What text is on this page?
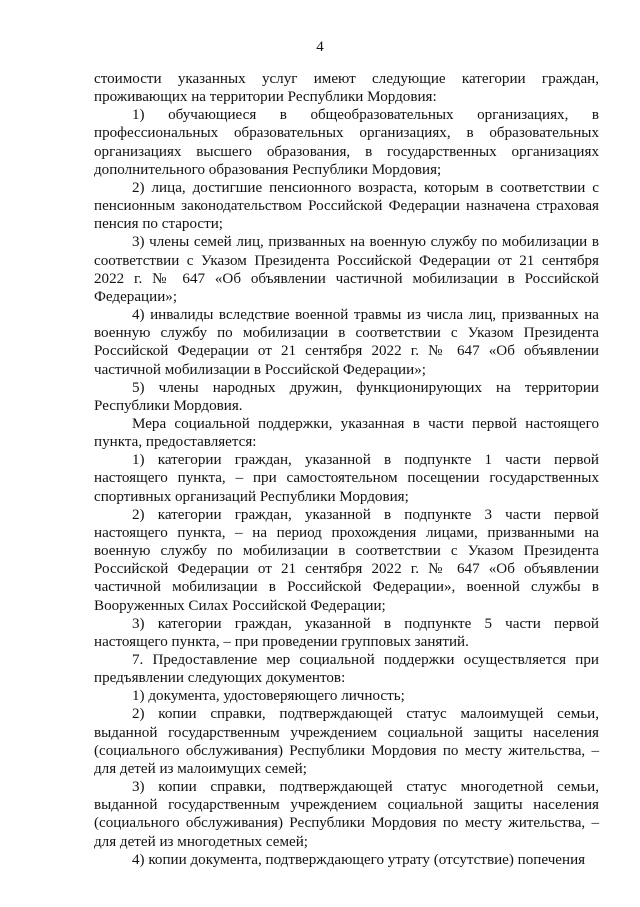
4

стоимости указанных услуг имеют следующие категории граждан, проживающих на территории Республики Мордовия:

1) обучающиеся в общеобразовательных организациях, в профессиональных образовательных организациях, в образовательных организациях высшего образования, в государственных организациях дополнительного образования Республики Мордовия;

2) лица, достигшие пенсионного возраста, которым в соответствии с пенсионным законодательством Российской Федерации назначена страховая пенсия по старости;

3) члены семей лиц, призванных на военную службу по мобилизации в соответствии с Указом Президента Российской Федерации от 21 сентября 2022 г. № 647 «Об объявлении частичной мобилизации в Российской Федерации»;

4) инвалиды вследствие военной травмы из числа лиц, призванных на военную службу по мобилизации в соответствии с Указом Президента Российской Федерации от 21 сентября 2022 г. № 647 «Об объявлении частичной мобилизации в Российской Федерации»;

5) члены народных дружин, функционирующих на территории Республики Мордовия.

Мера социальной поддержки, указанная в части первой настоящего пункта, предоставляется:

1) категории граждан, указанной в подпункте 1 части первой настоящего пункта, – при самостоятельном посещении государственных спортивных организаций Республики Мордовия;

2) категории граждан, указанной в подпункте 3 части первой настоящего пункта, – на период прохождения лицами, призванными на военную службу по мобилизации в соответствии с Указом Президента Российской Федерации от 21 сентября 2022 г. № 647 «Об объявлении частичной мобилизации в Российской Федерации», военной службы в Вооруженных Силах Российской Федерации;

3) категории граждан, указанной в подпункте 5 части первой настоящего пункта, – при проведении групповых занятий.

7. Предоставление мер социальной поддержки осуществляется при предъявлении следующих документов:

1) документа, удостоверяющего личность;

2) копии справки, подтверждающей статус малоимущей семьи, выданной государственным учреждением социальной защиты населения (социального обслуживания) Республики Мордовия по месту жительства, – для детей из малоимущих семей;

3) копии справки, подтверждающей статус многодетной семьи, выданной государственным учреждением социальной защиты населения (социального обслуживания) Республики Мордовия по месту жительства, – для детей из многодетных семей;

4) копии документа, подтверждающего утрату (отсутствие) попечения
